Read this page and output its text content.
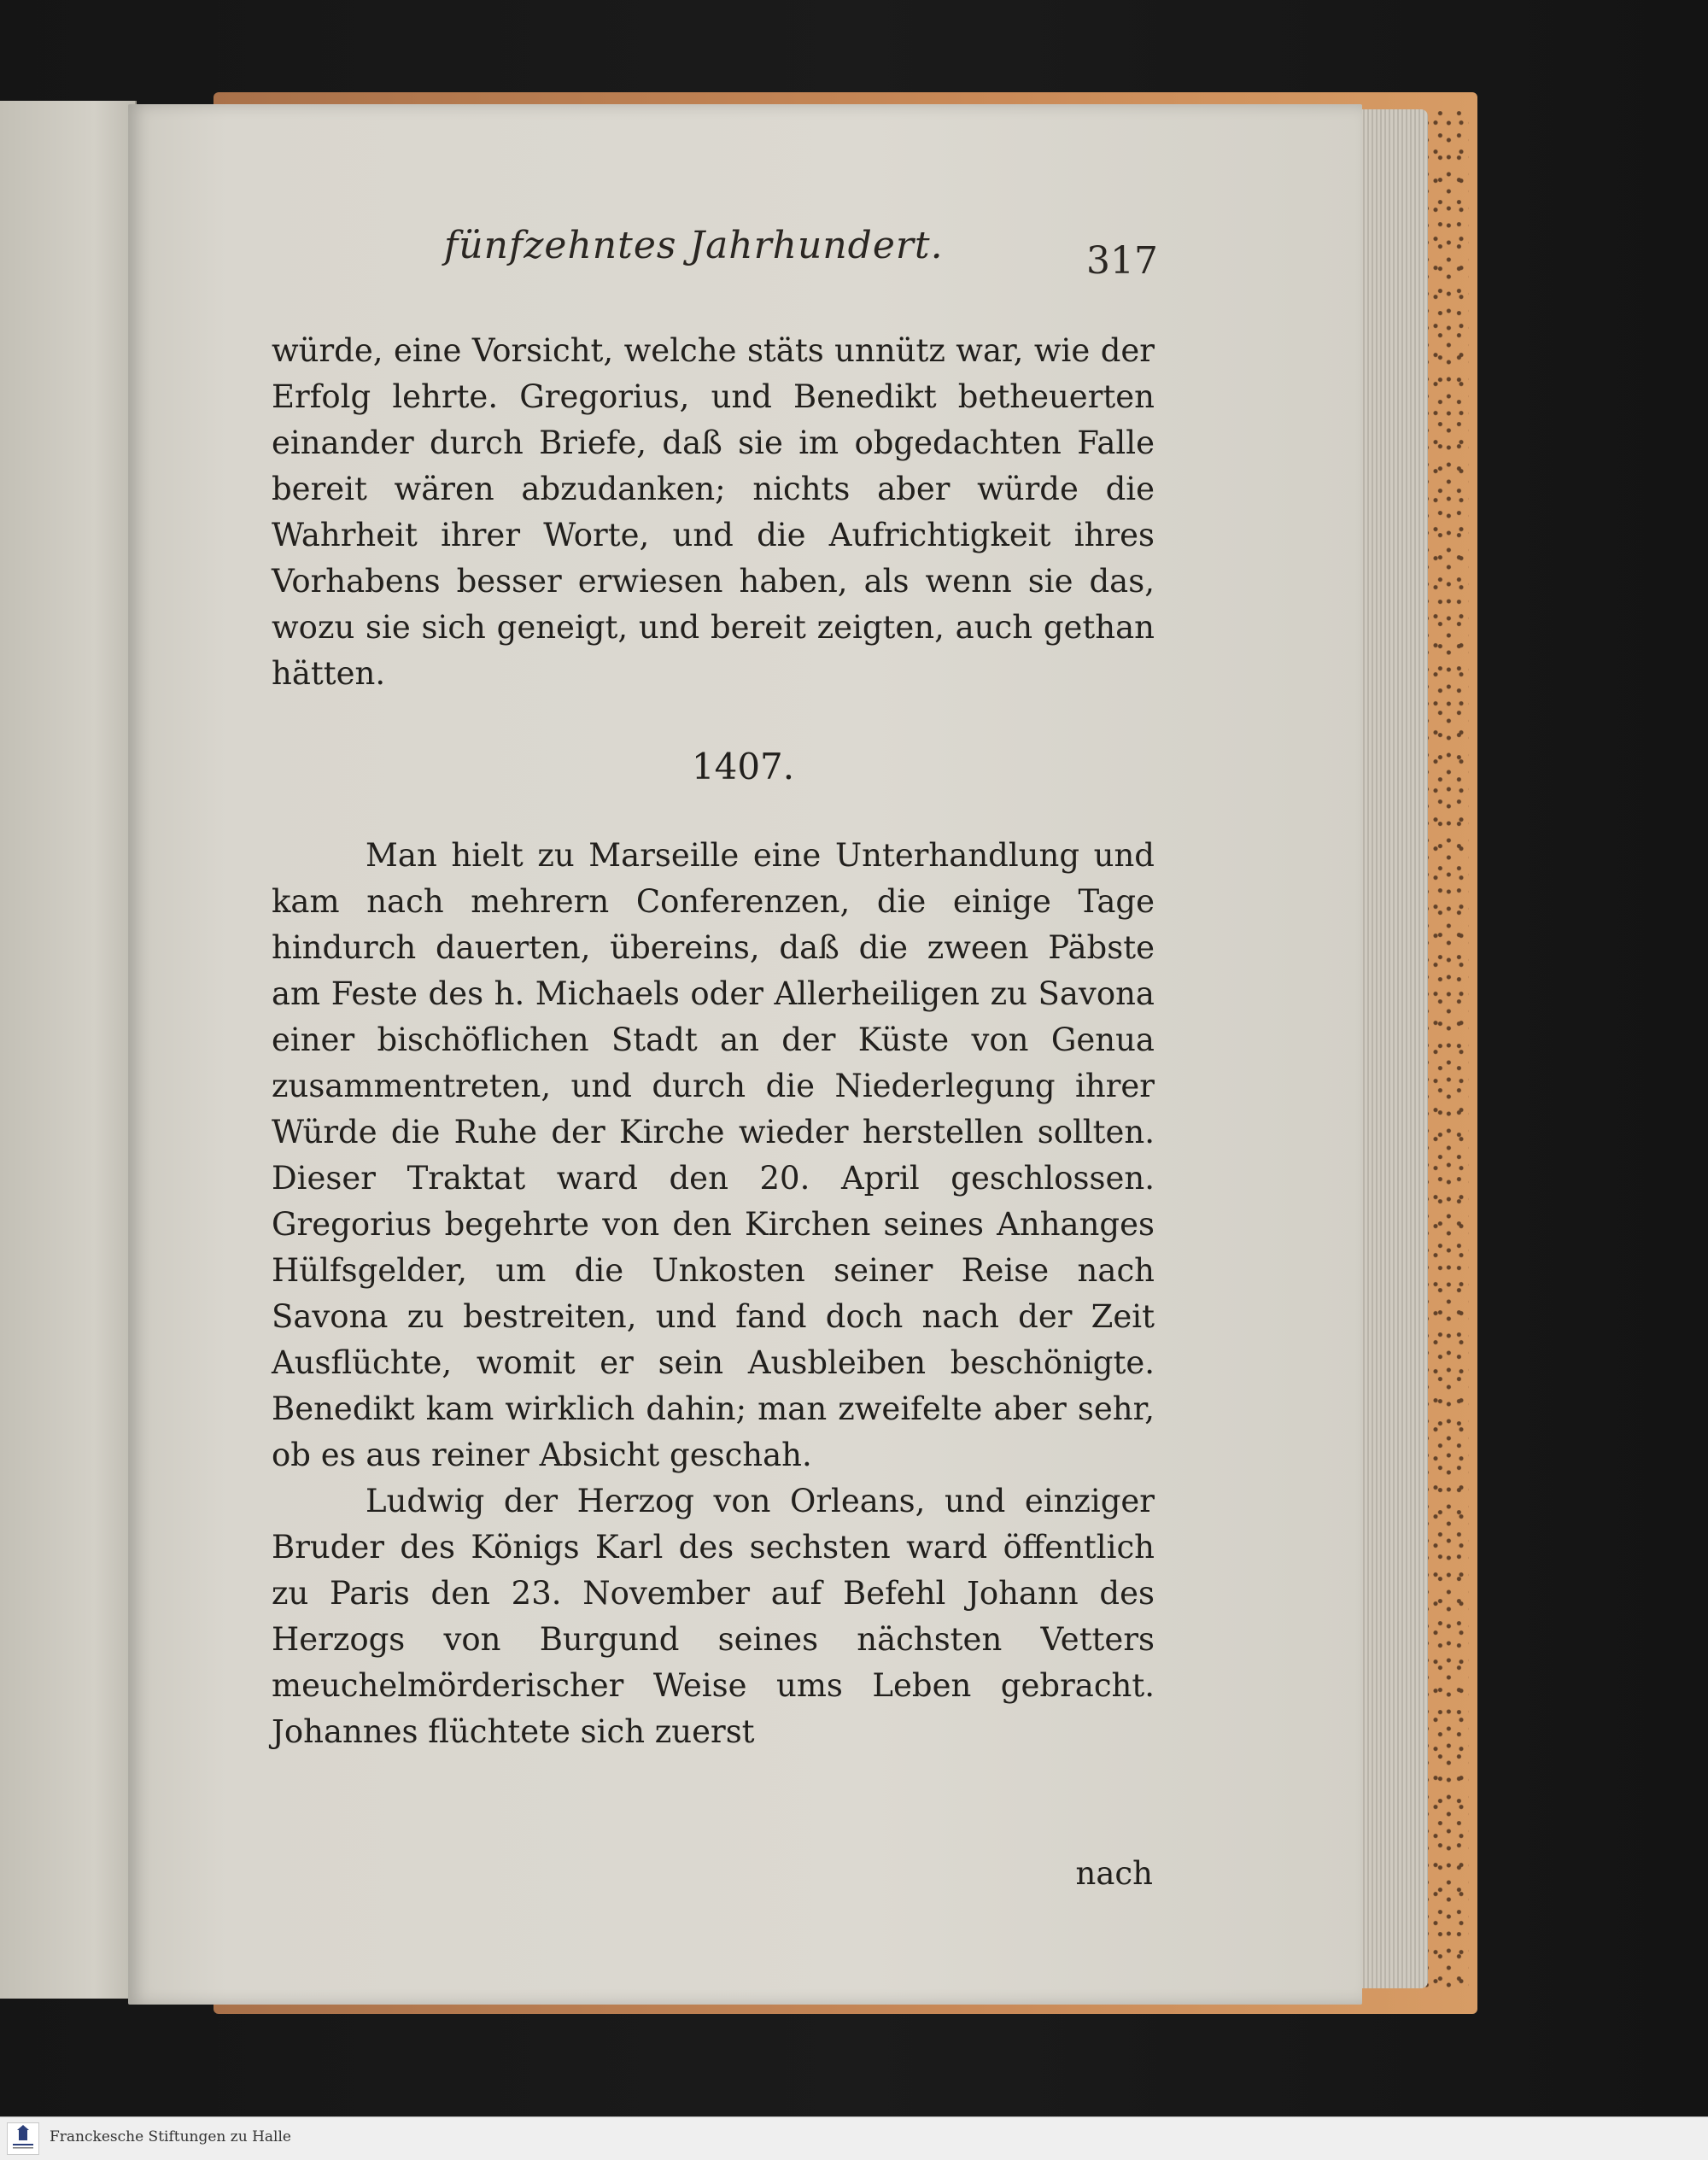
fünfzehntes Jahrhundert.	317

würde, eine Vorsicht, welche stäts unnütz war, wie der Erfolg lehrte. Gregorius, und Benedikt betheuerten einander durch Briefe, daß sie im obgedachten Falle bereit wären abzudanken; nichts aber würde die Wahrheit ihrer Worte, und die Aufrichtigkeit ihres Vorhabens besser erwiesen haben, als wenn sie das, wozu sie sich geneigt, und bereit zeigten, auch gethan hätten.

1407.

Man hielt zu Marseille eine Unterhandlung und kam nach mehrern Conferenzen, die einige Tage hindurch dauerten, übereins, daß die zween Päbste am Feste des h. Michaels oder Allerheiligen zu Savona einer bischöflichen Stadt an der Küste von Genua zusammentreten, und durch die Niederlegung ihrer Würde die Ruhe der Kirche wieder herstellen sollten. Dieser Traktat ward den 20. April geschlossen. Gregorius begehrte von den Kirchen seines Anhanges Hülfsgelder, um die Unkosten seiner Reise nach Savona zu bestreiten, und fand doch nach der Zeit Ausflüchte, womit er sein Ausbleiben beschönigte. Benedikt kam wirklich dahin; man zweifelte aber sehr, ob es aus reiner Absicht geschah.

Ludwig der Herzog von Orleans, und einziger Bruder des Königs Karl des sechsten ward öffentlich zu Paris den 23. November auf Befehl Johann des Herzogs von Burgund seines nächsten Vetters meuchelmörderischer Weise ums Leben gebracht. Johannes flüchtete sich zuerst

nach
Franckesche Stiftungen zu Halle
